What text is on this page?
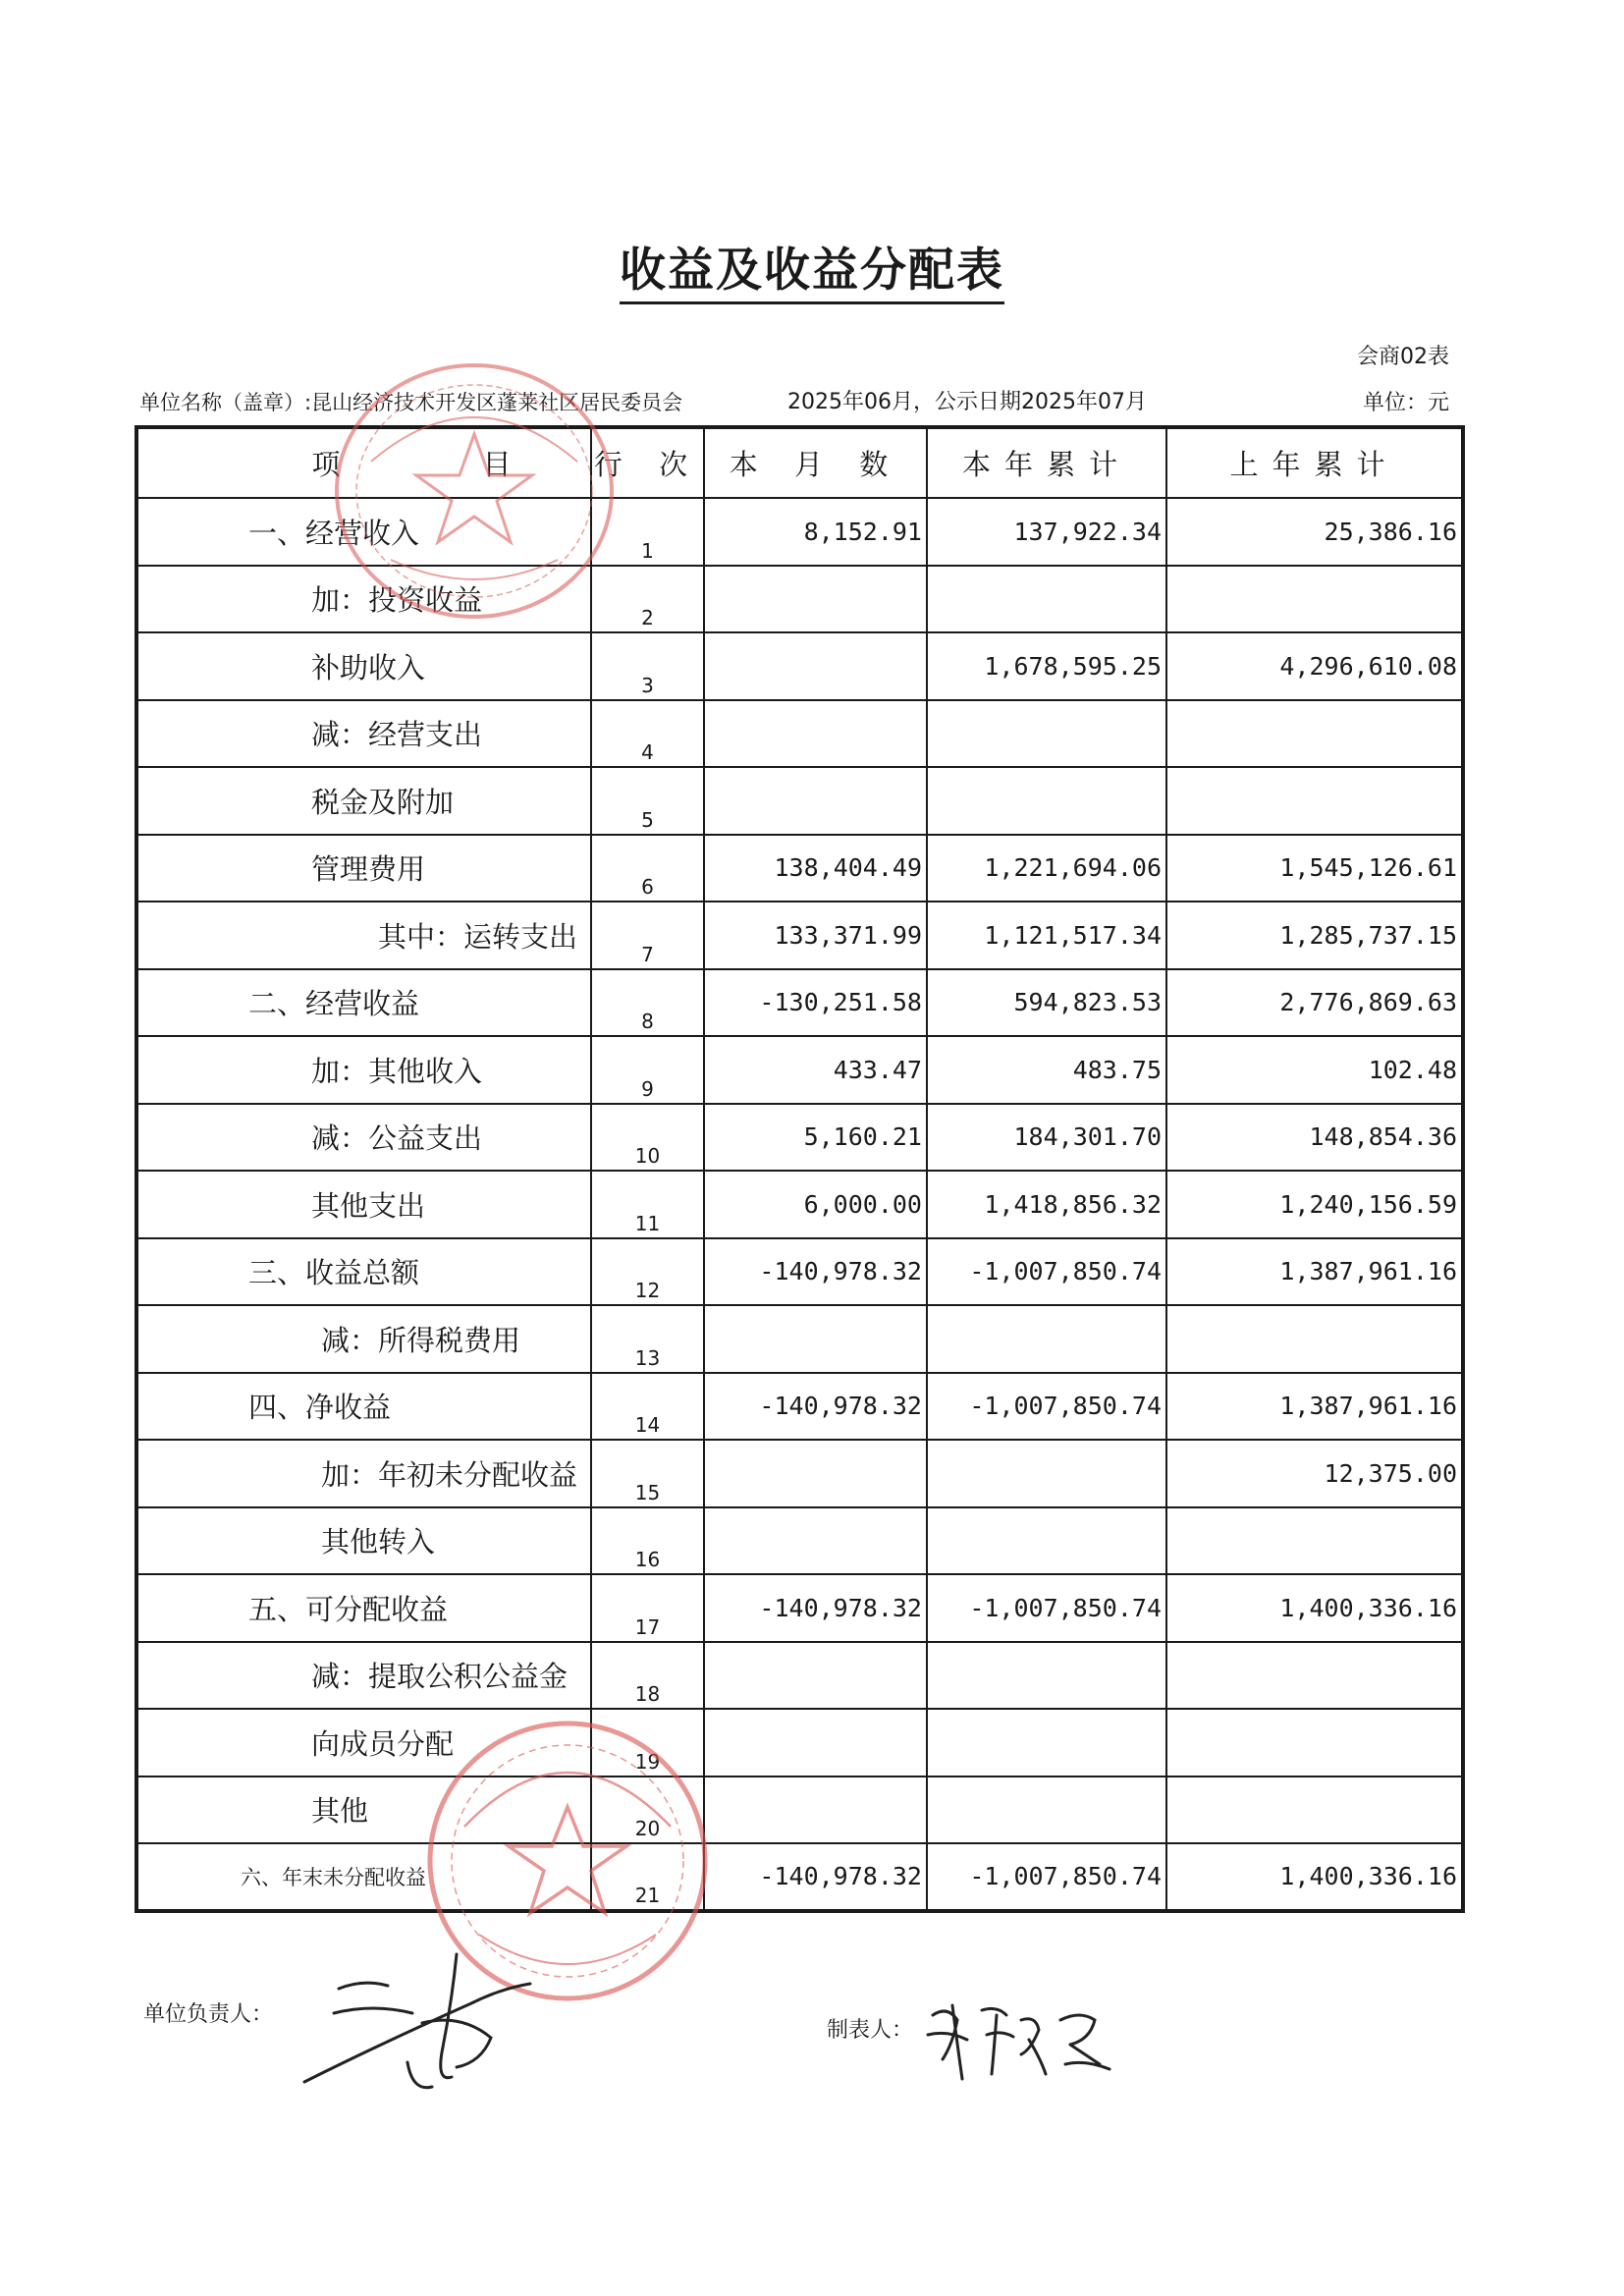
收益及收益分配表
会商02表
单位名称（盖章）:昆山经济技术开发区蓬莱社区居民委员会	2025年06月，公示日期2025年07月	单位：元
项 目	行 次	本 月 数	本年累计	上年累计
一、经营收入	1	8,152.91	137,922.34	25,386.16
加：投资收益	2			
补助收入	3		1,678,595.25	4,296,610.08
减：经营支出	4			
税金及附加	5			
管理费用	6	138,404.49	1,221,694.06	1,545,126.61
其中：运转支出	7	133,371.99	1,121,517.34	1,285,737.15
二、经营收益	8	-130,251.58	594,823.53	2,776,869.63
加：其他收入	9	433.47	483.75	102.48
减：公益支出	10	5,160.21	184,301.70	148,854.36
其他支出	11	6,000.00	1,418,856.32	1,240,156.59
三、收益总额	12	-140,978.32	-1,007,850.74	1,387,961.16
减：所得税费用	13			
四、净收益	14	-140,978.32	-1,007,850.74	1,387,961.16
加：年初未分配收益	15			12,375.00
其他转入	16			
五、可分配收益	17	-140,978.32	-1,007,850.74	1,400,336.16
减：提取公积公益金	18			
向成员分配	19			
其他	20			
六、年末未分配收益	21	-140,978.32	-1,007,850.74	1,400,336.16
单位负责人：
制表人：
